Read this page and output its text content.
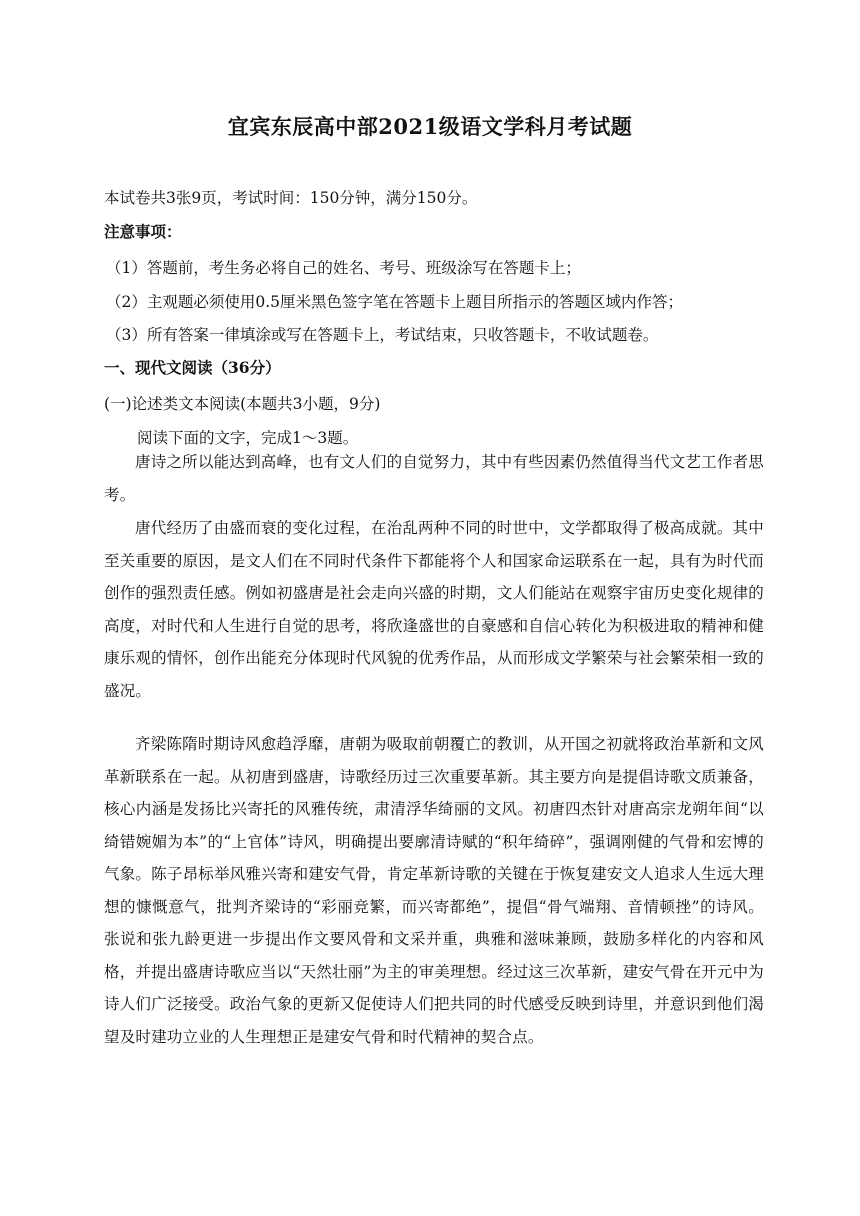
宜宾东辰高中部2021级语文学科月考试题
本试卷共3张9页，考试时间：150分钟，满分150分。
注意事项：
（1）答题前，考生务必将自己的姓名、考号、班级涂写在答题卡上；
（2）主观题必须使用0.5厘米黑色签字笔在答题卡上题目所指示的答题区域内作答；
（3）所有答案一律填涂或写在答题卡上，考试结束，只收答题卡，不收试题卷。
一、现代文阅读（36分）
(一)论述类文本阅读(本题共3小题，9分)
阅读下面的文字，完成1～3题。

唐诗之所以能达到高峰，也有文人们的自觉努力，其中有些因素仍然值得当代文艺工作者思考。

唐代经历了由盛而衰的变化过程，在治乱两种不同的时世中，文学都取得了极高成就。其中至关重要的原因，是文人们在不同时代条件下都能将个人和国家命运联系在一起，具有为时代而创作的强烈责任感。例如初盛唐是社会走向兴盛的时期，文人们能站在观察宇宙历史变化规律的高度，对时代和人生进行自觉的思考，将欣逢盛世的自豪感和自信心转化为积极进取的精神和健康乐观的情怀，创作出能充分体现时代风貌的优秀作品，从而形成文学繁荣与社会繁荣相一致的盛况。

齐梁陈隋时期诗风愈趋浮靡，唐朝为吸取前朝覆亡的教训，从开国之初就将政治革新和文风革新联系在一起。从初唐到盛唐，诗歌经历过三次重要革新。其主要方向是提倡诗歌文质兼备，核心内涵是发扬比兴寄托的风雅传统，肃清浮华绮丽的文风。初唐四杰针对唐高宗龙朔年间“以绮错婉媚为本”的“上官体”诗风，明确提出要廓清诗赋的“积年绮碎”，强调刚健的气骨和宏博的气象。陈子昂标举风雅兴寄和建安气骨，肯定革新诗歌的关键在于恢复建安文人追求人生远大理想的慷慨意气，批判齐梁诗的“彩丽竞繁，而兴寄都绝”，提倡“骨气端翔、音情顿挫”的诗风。张说和张九龄更进一步提出作文要风骨和文采并重，典雅和滋味兼顾，鼓励多样化的内容和风格，并提出盛唐诗歌应当以“天然壮丽”为主的审美理想。经过这三次革新，建安气骨在开元中为诗人们广泛接受。政治气象的更新又促使诗人们把共同的时代感受反映到诗里，并意识到他们渴望及时建功立业的人生理想正是建安气骨和时代精神的契合点。
